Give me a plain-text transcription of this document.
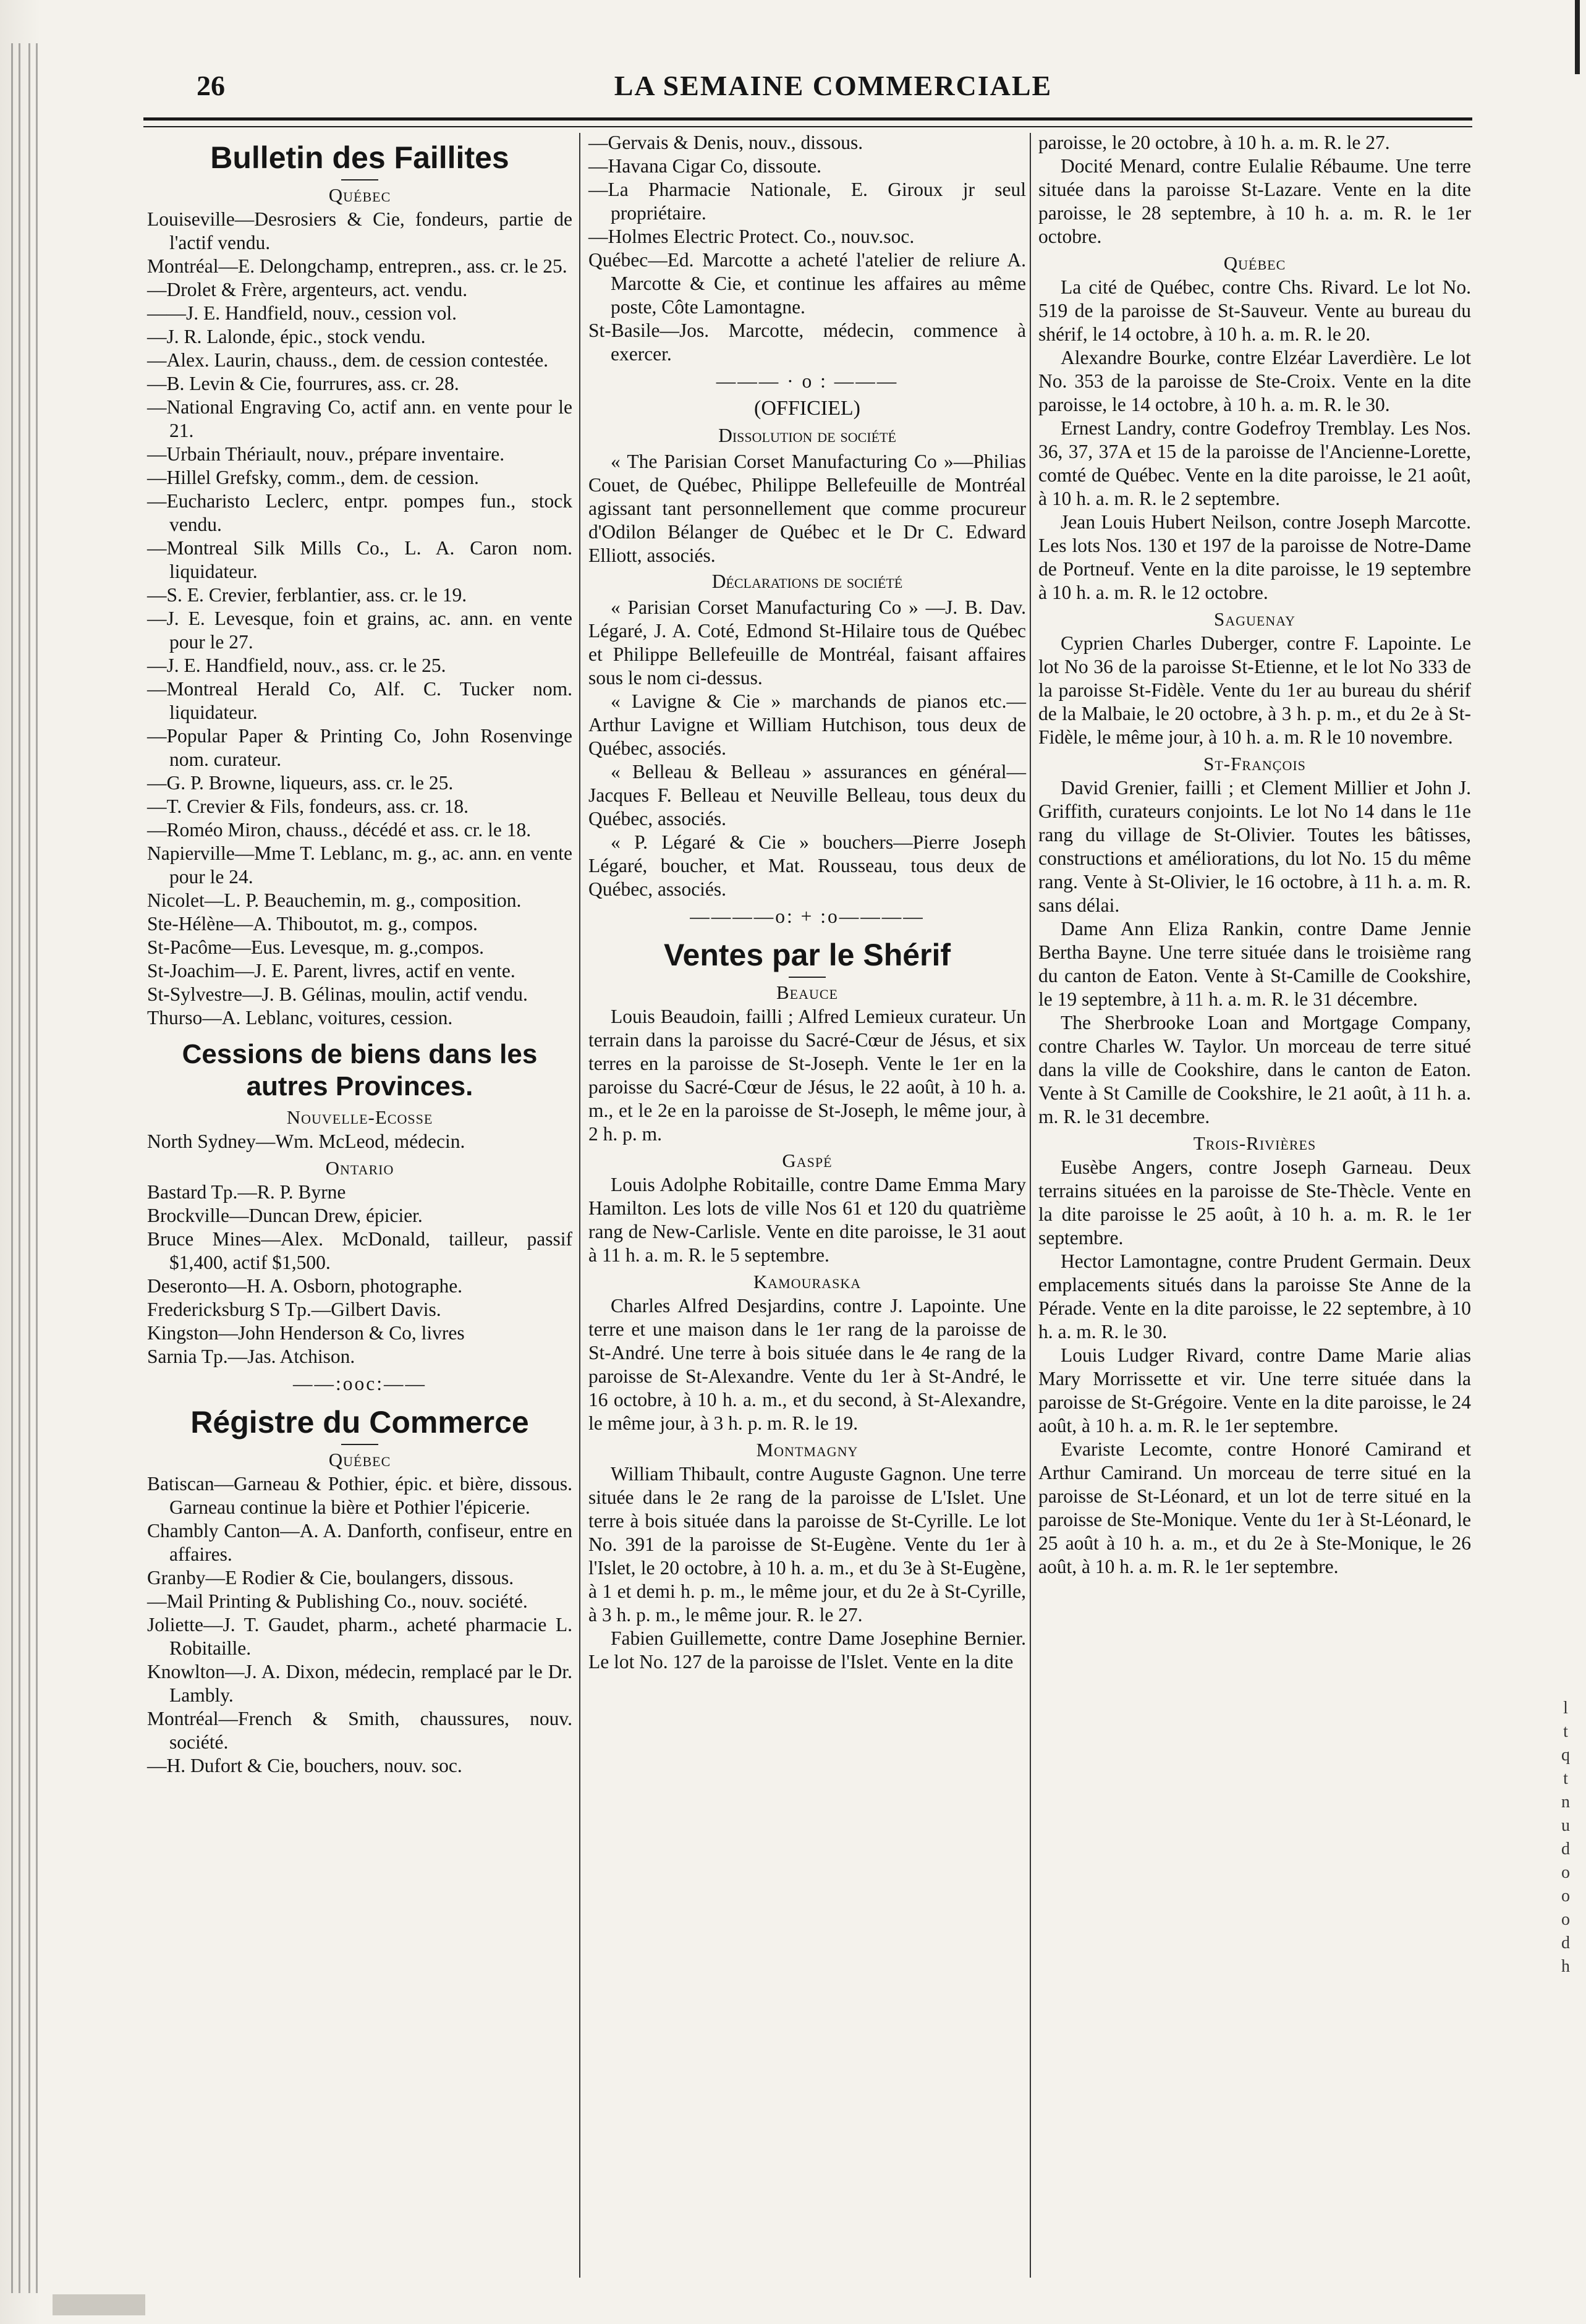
26	LA SEMAINE COMMERCIALE
Bulletin des Faillites
Québec
Louiseville—Desrosiers & Cie, fondeurs, partie de l'actif vendu.
Montréal—E. Delongchamp, entrepren., ass. cr. le 25.
—Drolet & Frère, argenteurs, act. vendu.
——J. E. Handfield, nouv., cession vol.
—J. R. Lalonde, épic., stock vendu.
—Alex. Laurin, chauss., dem. de cession contestée.
—B. Levin & Cie, fourrures, ass. cr. 28.
—National Engraving Co, actif ann. en vente pour le 21.
—Urbain Thériault, nouv., prépare inventaire.
—Hillel Grefsky, comm., dem. de cession.
—Eucharisto Leclerc, entpr. pompes fun., stock vendu.
—Montreal Silk Mills Co., L. A. Caron nom. liquidateur.
—S. E. Crevier, ferblantier, ass. cr. le 19.
—J. E. Levesque, foin et grains, ac. ann. en vente pour le 27.
—J. E. Handfield, nouv., ass. cr. le 25.
—Montreal Herald Co, Alf. C. Tucker nom. liquidateur.
—Popular Paper & Printing Co, John Rosenvinge nom. curateur.
—G. P. Browne, liqueurs, ass. cr. le 25.
—T. Crevier & Fils, fondeurs, ass. cr. 18.
—Roméo Miron, chauss., décédé et ass. cr. le 18.
Napierville—Mme T. Leblanc, m. g., ac. ann. en vente pour le 24.
Nicolet—L. P. Beauchemin, m. g., composition.
Ste-Hélène—A. Thiboutot, m. g., compos.
St-Pacôme—Eus. Levesque, m. g.,compos.
St-Joachim—J. E. Parent, livres, actif en vente.
St-Sylvestre—J. B. Gélinas, moulin, actif vendu.
Thurso—A. Leblanc, voitures, cession.
Cessions de biens dans les autres Provinces.
Nouvelle-Ecosse
North Sydney—Wm. McLeod, médecin.
Ontario
Bastard Tp.—R. P. Byrne
Brockville—Duncan Drew, épicier.
Bruce Mines—Alex. McDonald, tailleur, passif $1,400, actif $1,500.
Deseronto—H. A. Osborn, photographe.
Fredericksburg S Tp.—Gilbert Davis.
Kingston—John Henderson & Co, livres
Sarnia Tp.—Jas. Atchison.
——:ooc:——
Régistre du Commerce
Québec
Batiscan—Garneau & Pothier, épic. et bière, dissous. Garneau continue la bière et Pothier l'épicerie.
Chambly Canton—A. A. Danforth, confiseur, entre en affaires.
Granby—E Rodier & Cie, boulangers, dissous.
—Mail Printing & Publishing Co., nouv. société.
Joliette—J. T. Gaudet, pharm., acheté pharmacie L. Robitaille.
Knowlton—J. A. Dixon, médecin, remplacé par le Dr. Lambly.
Montréal—French & Smith, chaussures, nouv. société.
—H. Dufort & Cie, bouchers, nouv. soc.
—Gervais & Denis, nouv., dissous.
—Havana Cigar Co, dissoute.
—La Pharmacie Nationale, E. Giroux jr seul propriétaire.
—Holmes Electric Protect. Co., nouv.soc.
Québec—Ed. Marcotte a acheté l'atelier de reliure A. Marcotte & Cie, et continue les affaires au même poste, Côte Lamontagne.
St-Basile—Jos. Marcotte, médecin, commence à exercer.
——— · o : ———
(OFFICIEL)
Dissolution de société
« The Parisian Corset Manufacturing Co »—Philias Couet, de Québec, Philippe Bellefeuille de Montréal agissant tant personnellement que comme procureur d'Odilon Bélanger de Québec et le Dr C. Edward Elliott, associés.
Déclarations de société
« Parisian Corset Manufacturing Co » —J. B. Dav. Légaré, J. A. Coté, Edmond St-Hilaire tous de Québec et Philippe Bellefeuille de Montréal, faisant affaires sous le nom ci-dessus.
« Lavigne & Cie » marchands de pianos etc.—Arthur Lavigne et William Hutchison, tous deux de Québec, associés.
« Belleau & Belleau » assurances en général—Jacques F. Belleau et Neuville Belleau, tous deux du Québec, associés.
« P. Légaré & Cie » bouchers—Pierre Joseph Légaré, boucher, et Mat. Rousseau, tous deux de Québec, associés.
————o: + :o————
Ventes par le Shérif
Beauce
Louis Beaudoin, failli ; Alfred Lemieux curateur. Un terrain dans la paroisse du Sacré-Cœur de Jésus, et six terres en la paroisse de St-Joseph. Vente le 1er en la paroisse du Sacré-Cœur de Jésus, le 22 août, à 10 h. a. m., et le 2e en la paroisse de St-Joseph, le même jour, à 2 h. p. m.
Gaspé
Louis Adolphe Robitaille, contre Dame Emma Mary Hamilton. Les lots de ville Nos 61 et 120 du quatrième rang de New-Carlisle. Vente en dite paroisse, le 31 aout à 11 h. a. m. R. le 5 septembre.
Kamouraska
Charles Alfred Desjardins, contre J. Lapointe. Une terre et une maison dans le 1er rang de la paroisse de St-André. Une terre à bois située dans le 4e rang de la paroisse de St-Alexandre. Vente du 1er à St-André, le 16 octobre, à 10 h. a. m., et du second, à St-Alexandre, le même jour, à 3 h. p. m. R. le 19.
Montmagny
William Thibault, contre Auguste Gagnon. Une terre située dans le 2e rang de la paroisse de L'Islet. Une terre à bois située dans la paroisse de St-Cyrille. Le lot No. 391 de la paroisse de St-Eugène. Vente du 1er à l'Islet, le 20 octobre, à 10 h. a. m., et du 3e à St-Eugène, à 1 et demi h. p. m., le même jour, et du 2e à St-Cyrille, à 3 h. p. m., le même jour. R. le 27.
Fabien Guillemette, contre Dame Josephine Bernier. Le lot No. 127 de la paroisse de l'Islet. Vente en la dite
paroisse, le 20 octobre, à 10 h. a. m. R. le 27.
Docité Menard, contre Eulalie Rébaume. Une terre située dans la paroisse St-Lazare. Vente en la dite paroisse, le 28 septembre, à 10 h. a. m. R. le 1er octobre.
Québec
La cité de Québec, contre Chs. Rivard. Le lot No. 519 de la paroisse de St-Sauveur. Vente au bureau du shérif, le 14 octobre, à 10 h. a. m. R. le 20.
Alexandre Bourke, contre Elzéar Laverdière. Le lot No. 353 de la paroisse de Ste-Croix. Vente en la dite paroisse, le 14 octobre, à 10 h. a. m. R. le 30.
Ernest Landry, contre Godefroy Tremblay. Les Nos. 36, 37, 37A et 15 de la paroisse de l'Ancienne-Lorette, comté de Québec. Vente en la dite paroisse, le 21 août, à 10 h. a. m. R. le 2 septembre.
Jean Louis Hubert Neilson, contre Joseph Marcotte. Les lots Nos. 130 et 197 de la paroisse de Notre-Dame de Portneuf. Vente en la dite paroisse, le 19 septembre à 10 h. a. m. R. le 12 octobre.
Saguenay
Cyprien Charles Duberger, contre F. Lapointe. Le lot No 36 de la paroisse St-Etienne, et le lot No 333 de la paroisse St-Fidèle. Vente du 1er au bureau du shérif de la Malbaie, le 20 octobre, à 3 h. p. m., et du 2e à St-Fidèle, le même jour, à 10 h. a. m. R le 10 novembre.
St-François
David Grenier, failli ; et Clement Millier et John J. Griffith, curateurs conjoints. Le lot No 14 dans le 11e rang du village de St-Olivier. Toutes les bâtisses, constructions et améliorations, du lot No. 15 du même rang. Vente à St-Olivier, le 16 octobre, à 11 h. a. m. R. sans délai.
Dame Ann Eliza Rankin, contre Dame Jennie Bertha Bayne. Une terre située dans le troisième rang du canton de Eaton. Vente à St-Camille de Cookshire, le 19 septembre, à 11 h. a. m. R. le 31 décembre.
The Sherbrooke Loan and Mortgage Company, contre Charles W. Taylor. Un morceau de terre situé dans la ville de Cookshire, dans le canton de Eaton. Vente à St Camille de Cookshire, le 21 août, à 11 h. a. m. R. le 31 decembre.
Trois-Rivières
Eusèbe Angers, contre Joseph Garneau. Deux terrains situées en la paroisse de Ste-Thècle. Vente en la dite paroisse le 25 août, à 10 h. a. m. R. le 1er septembre.
Hector Lamontagne, contre Prudent Germain. Deux emplacements situés dans la paroisse Ste Anne de la Pérade. Vente en la dite paroisse, le 22 septembre, à 10 h. a. m. R. le 30.
Louis Ludger Rivard, contre Dame Marie alias Mary Morrissette et vir. Une terre située dans la paroisse de St-Grégoire. Vente en la dite paroisse, le 24 août, à 10 h. a. m. R. le 1er septembre.
Evariste Lecomte, contre Honoré Camirand et Arthur Camirand. Un morceau de terre situé en la paroisse de St-Léonard, et un lot de terre situé en la paroisse de Ste-Monique. Vente du 1er à St-Léonard, le 25 août à 10 h. a. m., et du 2e à Ste-Monique, le 26 août, à 10 h. a. m. R. le 1er septembre.
l
t
q
t
n
u
d
o
o
o
d
h
